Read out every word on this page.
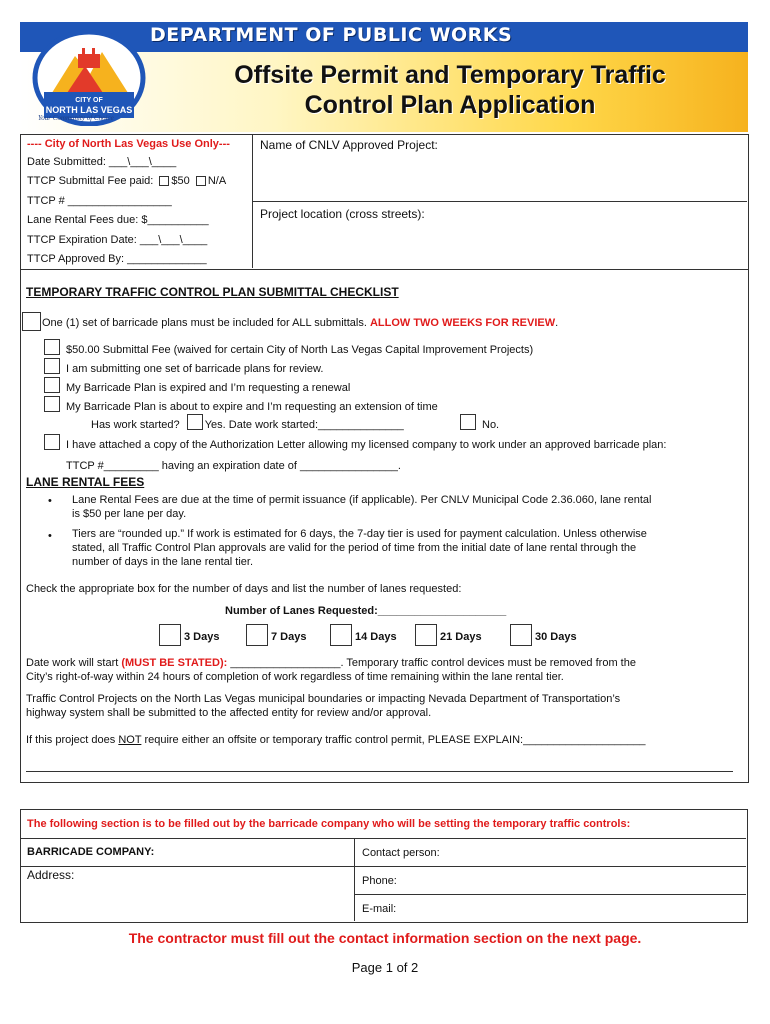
DEPARTMENT OF PUBLIC WORKS
CITY OF
NORTH LAS VEGAS
Your Community of Choice
Offsite Permit and Temporary Traffic
Control Plan Application
---- City of North Las Vegas Use Only---
Date Submitted: ___\___\____
TTCP Submittal Fee paid: $50 N/A
TTCP # _________________
Lane Rental Fees due: $__________
TTCP Expiration Date: ___\___\____
TTCP Approved By: _____________
Name of CNLV Approved Project:
Project location (cross streets):
TEMPORARY TRAFFIC CONTROL PLAN SUBMITTAL CHECKLIST
One (1) set of barricade plans must be included for ALL submittals. ALLOW TWO WEEKS FOR REVIEW.
$50.00 Submittal Fee (waived for certain City of North Las Vegas Capital Improvement Projects)
I am submitting one set of barricade plans for review.
My Barricade Plan is expired and I’m requesting a renewal
My Barricade Plan is about to expire and I’m requesting an extension of time
Has work started? Yes. Date work started:______________	No.
I have attached a copy of the Authorization Letter allowing my licensed company to work under an approved barricade plan:
TTCP #_________ having an expiration date of ________________.
LANE RENTAL FEES
• Lane Rental Fees are due at the time of permit issuance (if applicable). Per CNLV Municipal Code 2.36.060, lane rental
is $50 per lane per day.
• Tiers are “rounded up.” If work is estimated for 6 days, the 7-day tier is used for payment calculation. Unless otherwise
stated, all Traffic Control Plan approvals are valid for the period of time from the initial date of lane rental through the
number of days in the lane rental tier.
Check the appropriate box for the number of days and list the number of lanes requested:
Number of Lanes Requested:_____________________
3 Days	7 Days	14 Days	21 Days	30 Days
Date work will start (MUST BE STATED): __________________. Temporary traffic control devices must be removed from the
City’s right-of-way within 24 hours of completion of work regardless of time remaining within the lane rental tier.
Traffic Control Projects on the North Las Vegas municipal boundaries or impacting Nevada Department of Transportation’s
highway system shall be submitted to the affected entity for review and/or approval.
If this project does NOT require either an offsite or temporary traffic control permit, PLEASE EXPLAIN:____________________
The following section is to be filled out by the barricade company who will be setting the temporary traffic controls:
BARRICADE COMPANY:	Contact person:
Address:	Phone:
E-mail:
The contractor must fill out the contact information section on the next page.
Page 1 of 2
